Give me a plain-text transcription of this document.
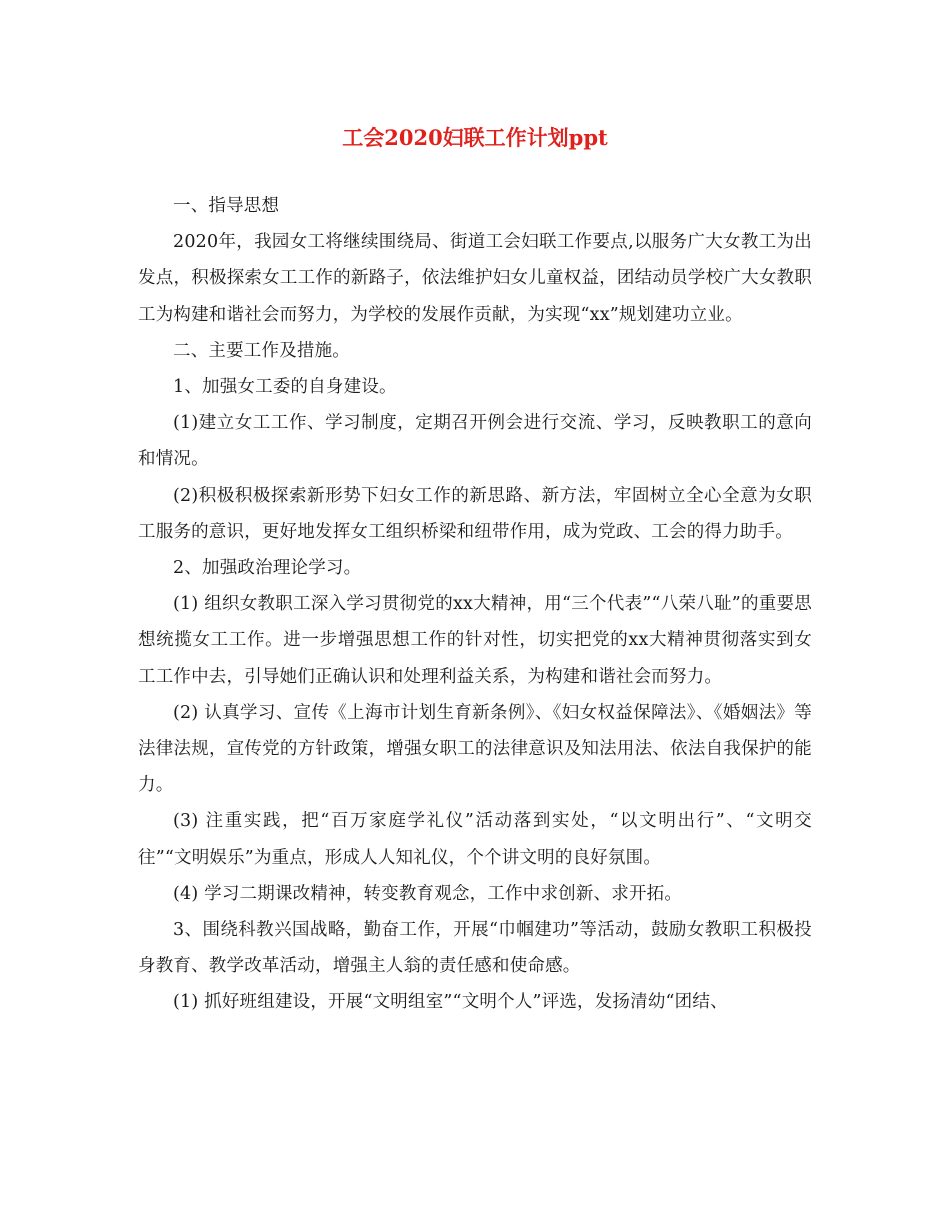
工会2020妇联工作计划ppt

一、指导思想

2020年，我园女工将继续围绕局、街道工会妇联工作要点,以服务广大女教工为出发点，积极探索女工工作的新路子，依法维护妇女儿童权益，团结动员学校广大女教职工为构建和谐社会而努力，为学校的发展作贡献，为实现“xx”规划建功立业。

二、主要工作及措施。

1、加强女工委的自身建设。

(1)建立女工工作、学习制度，定期召开例会进行交流、学习，反映教职工的意向和情况。

(2)积极积极探索新形势下妇女工作的新思路、新方法，牢固树立全心全意为女职工服务的意识，更好地发挥女工组织桥梁和纽带作用，成为党政、工会的得力助手。

2、加强政治理论学习。

(1) 组织女教职工深入学习贯彻党的xx大精神，用“三个代表”“八荣八耻”的重要思想统揽女工工作。进一步增强思想工作的针对性，切实把党的xx大精神贯彻落实到女工工作中去，引导她们正确认识和处理利益关系，为构建和谐社会而努力。

(2) 认真学习、宣传《上海市计划生育新条例》、《妇女权益保障法》、《婚姻法》等法律法规，宣传党的方针政策，增强女职工的法律意识及知法用法、依法自我保护的能力。

(3) 注重实践，把“百万家庭学礼仪”活动落到实处，“以文明出行”、“文明交往”“文明娱乐”为重点，形成人人知礼仪，个个讲文明的良好氛围。

(4) 学习二期课改精神，转变教育观念，工作中求创新、求开拓。

3、围绕科教兴国战略，勤奋工作，开展“巾帼建功”等活动，鼓励女教职工积极投身教育、教学改革活动，增强主人翁的责任感和使命感。

(1) 抓好班组建设，开展“文明组室”“文明个人”评选，发扬清幼“团结、
